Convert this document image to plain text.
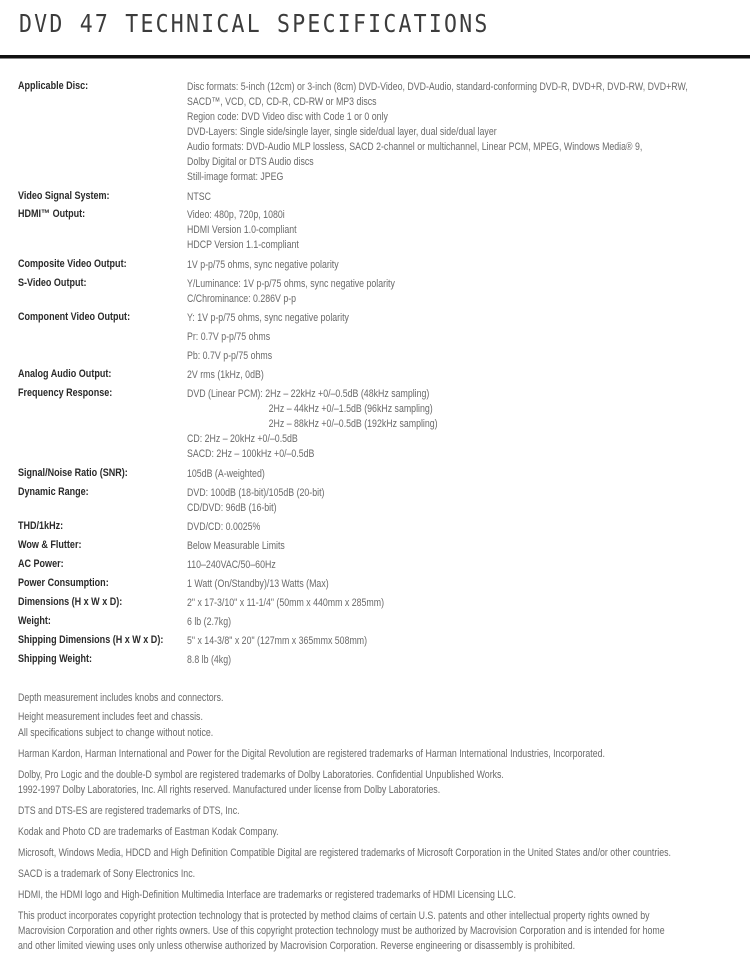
DVD 47 TECHNICAL SPECIFICATIONS
Applicable Disc:	Disc formats: 5-inch (12cm) or 3-inch (8cm) DVD-Video, DVD-Audio, standard-conforming DVD-R, DVD+R, DVD-RW, DVD+RW,
SACD™, VCD, CD, CD-R, CD-RW or MP3 discs
Region code: DVD Video disc with Code 1 or 0 only
DVD-Layers: Single side/single layer, single side/dual layer, dual side/dual layer
Audio formats: DVD-Audio MLP lossless, SACD 2-channel or multichannel, Linear PCM, MPEG, Windows Media® 9,
Dolby Digital or DTS Audio discs
Still-image format: JPEG
Video Signal System:	NTSC
HDMI™ Output:	Video: 480p, 720p, 1080i
HDMI Version 1.0-compliant
HDCP Version 1.1-compliant
Composite Video Output:	1V p-p/75 ohms, sync negative polarity
S-Video Output:	Y/Luminance: 1V p-p/75 ohms, sync negative polarity
C/Chrominance: 0.286V p-p
Component Video Output:	Y: 1V p-p/75 ohms, sync negative polarity
Pr: 0.7V p-p/75 ohms
Pb: 0.7V p-p/75 ohms
Analog Audio Output:	2V rms (1kHz, 0dB)
Frequency Response:	DVD (Linear PCM): 2Hz – 22kHz +0/–0.5dB (48kHz sampling)
2Hz – 44kHz +0/–1.5dB (96kHz sampling)
2Hz – 88kHz +0/–0.5dB (192kHz sampling)
CD: 2Hz – 20kHz +0/–0.5dB
SACD: 2Hz – 100kHz +0/–0.5dB
Signal/Noise Ratio (SNR):	105dB (A-weighted)
Dynamic Range:	DVD: 100dB (18-bit)/105dB (20-bit)
CD/DVD: 96dB (16-bit)
THD/1kHz:	DVD/CD: 0.0025%
Wow & Flutter:	Below Measurable Limits
AC Power:	110–240VAC/50–60Hz
Power Consumption:	1 Watt (On/Standby)/13 Watts (Max)
Dimensions (H x W x D):	2" x 17-3/10" x 11-1/4" (50mm x 440mm x 285mm)
Weight:	6 lb (2.7kg)
Shipping Dimensions (H x W x D): 5" x 14-3/8" x 20" (127mm x 365mmx 508mm)
Shipping Weight:	8.8 lb (4kg)
Depth measurement includes knobs and connectors.
Height measurement includes feet and chassis.
All specifications subject to change without notice.
Harman Kardon, Harman International and Power for the Digital Revolution are registered trademarks of Harman International Industries, Incorporated.
Dolby, Pro Logic and the double-D symbol are registered trademarks of Dolby Laboratories. Confidential Unpublished Works.
1992-1997 Dolby Laboratories, Inc. All rights reserved. Manufactured under license from Dolby Laboratories.
DTS and DTS-ES are registered trademarks of DTS, Inc.
Kodak and Photo CD are trademarks of Eastman Kodak Company.
Microsoft, Windows Media, HDCD and High Definition Compatible Digital are registered trademarks of Microsoft Corporation in the United States and/or other countries.
SACD is a trademark of Sony Electronics Inc.
HDMI, the HDMI logo and High-Definition Multimedia Interface are trademarks or registered trademarks of HDMI Licensing LLC.
This product incorporates copyright protection technology that is protected by method claims of certain U.S. patents and other intellectual property rights owned by
Macrovision Corporation and other rights owners. Use of this copyright protection technology must be authorized by Macrovision Corporation and is intended for home
and other limited viewing uses only unless otherwise authorized by Macrovision Corporation. Reverse engineering or disassembly is prohibited.
